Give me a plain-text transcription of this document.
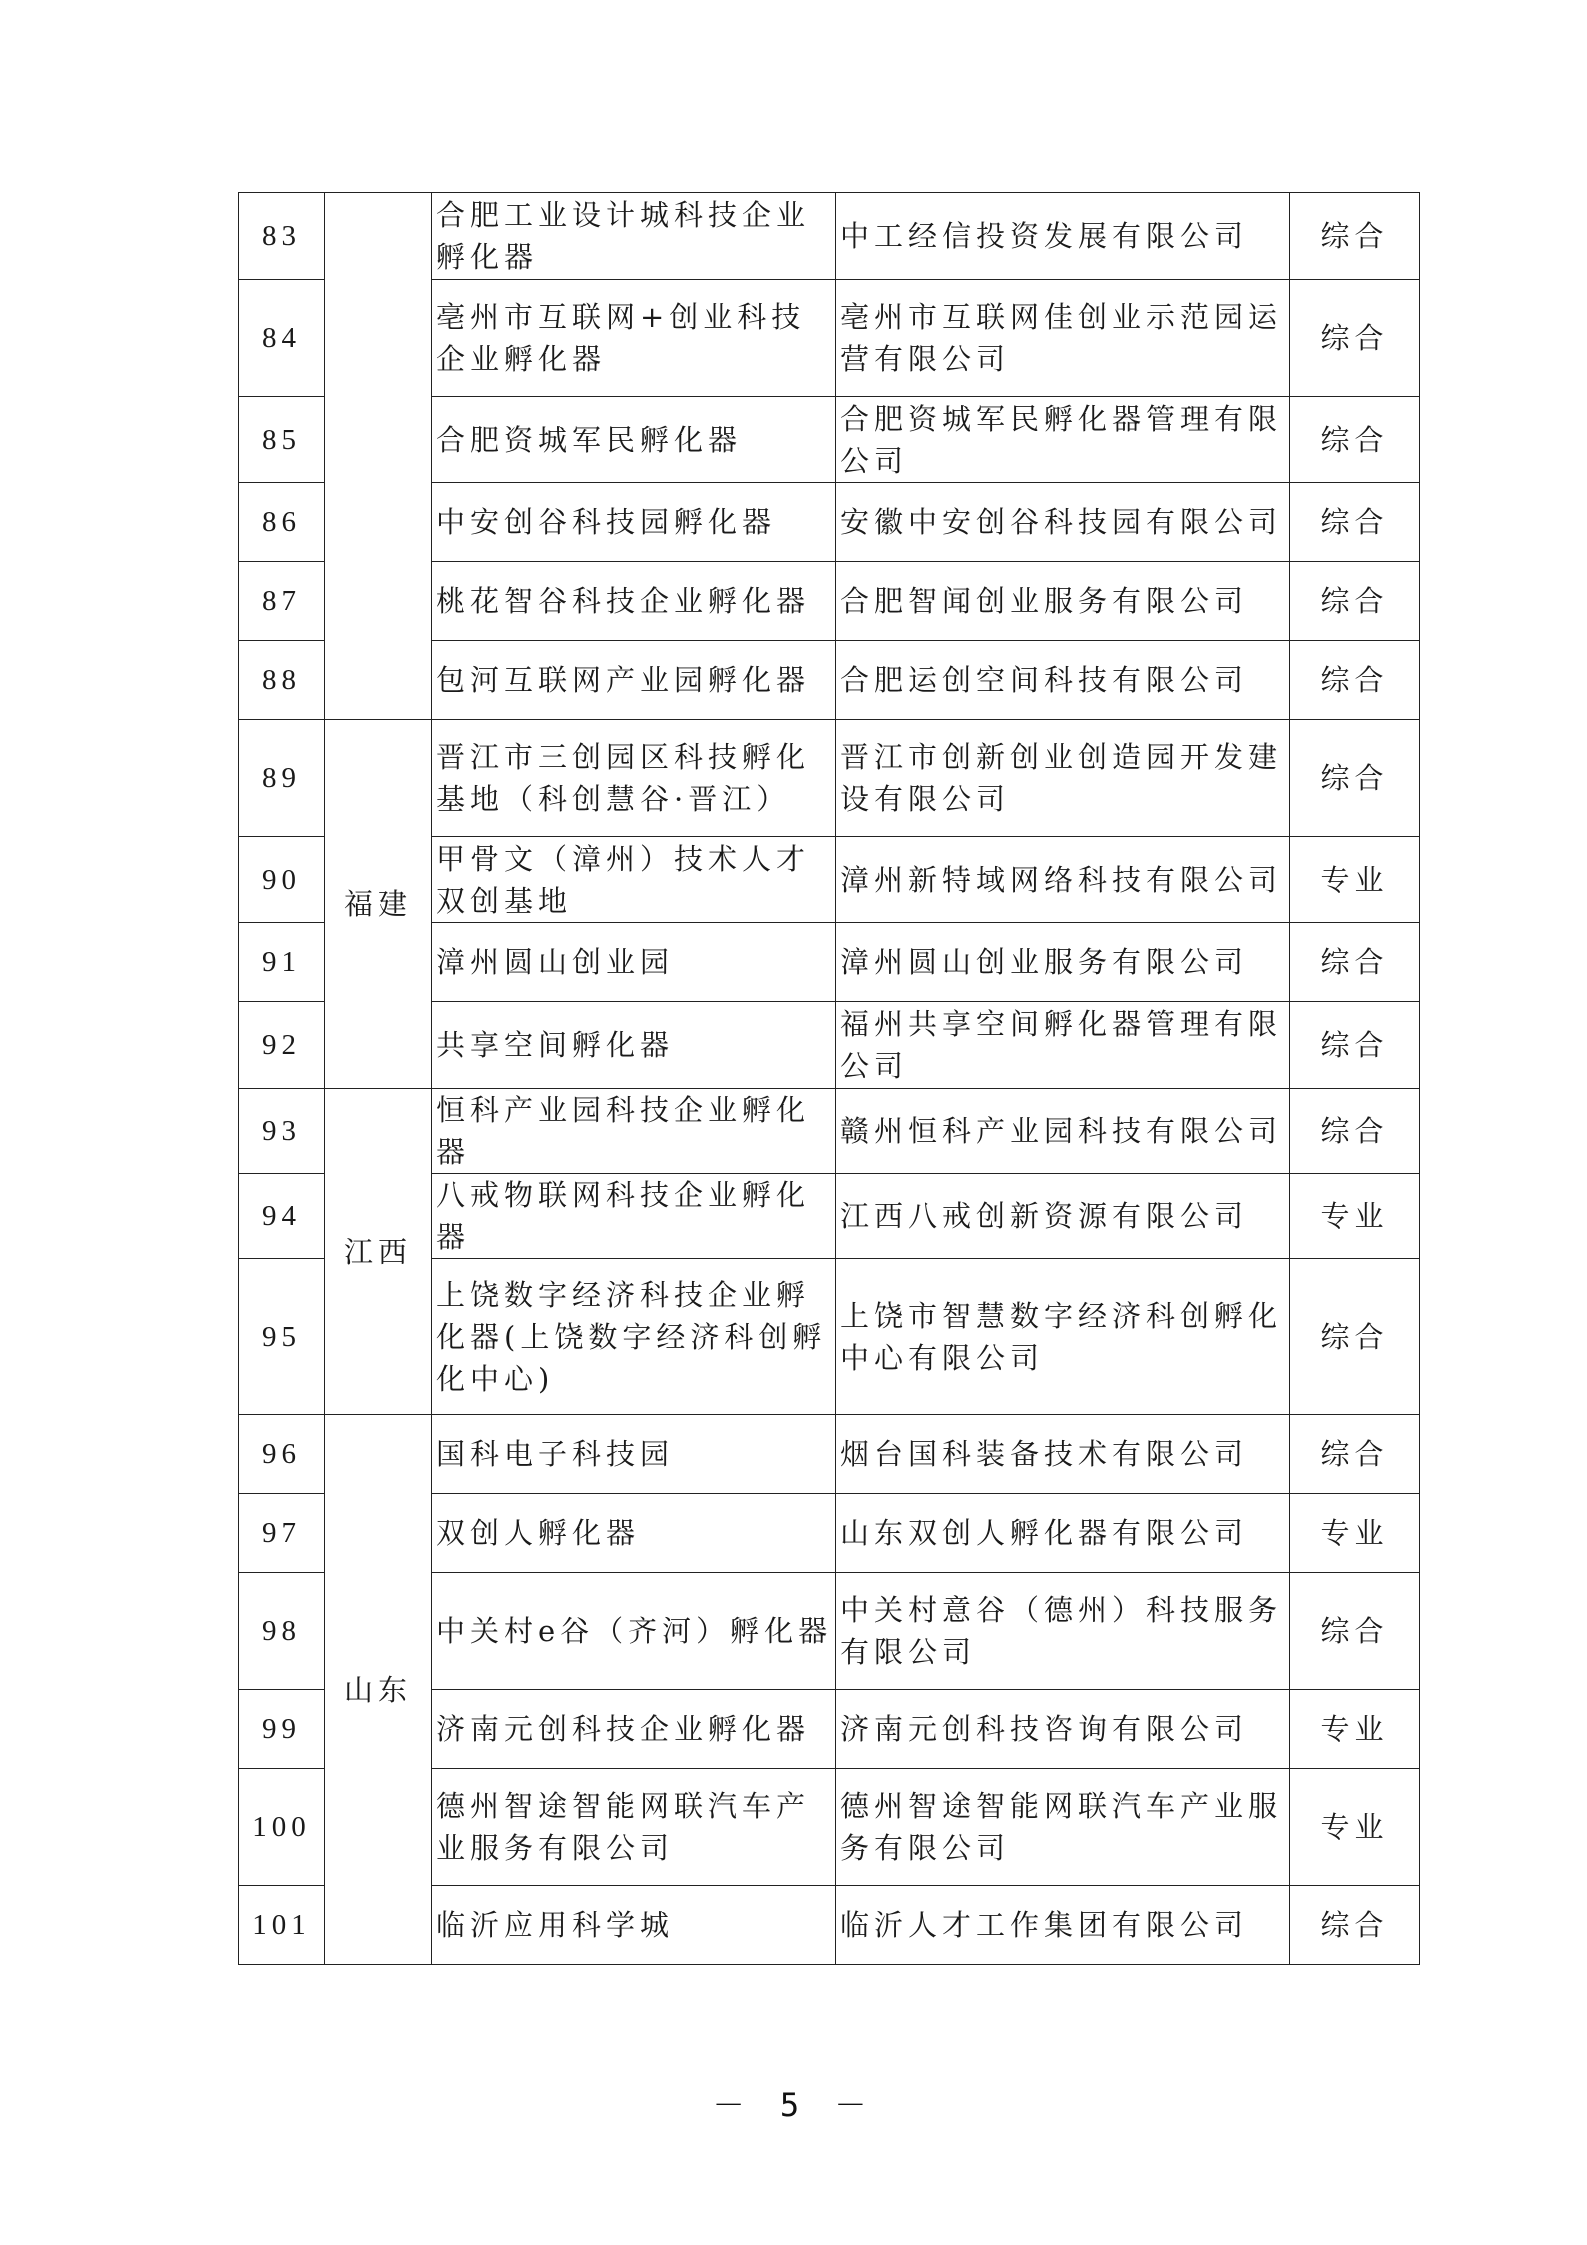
83		合肥工业设计城科技企业孵化器	中工经信投资发展有限公司	综合
84		亳州市互联网+创业科技企业孵化器	亳州市互联网佳创业示范园运营有限公司	综合
85		合肥资城军民孵化器	合肥资城军民孵化器管理有限公司	综合
86		中安创谷科技园孵化器	安徽中安创谷科技园有限公司	综合
87		桃花智谷科技企业孵化器	合肥智闻创业服务有限公司	综合
88		包河互联网产业园孵化器	合肥运创空间科技有限公司	综合
89	福建	晋江市三创园区科技孵化基地（科创慧谷·晋江）	晋江市创新创业创造园开发建设有限公司	综合
90		甲骨文（漳州）技术人才双创基地	漳州新特域网络科技有限公司	专业
91		漳州圆山创业园	漳州圆山创业服务有限公司	综合
92		共享空间孵化器	福州共享空间孵化器管理有限公司	综合
93	江西	恒科产业园科技企业孵化器	赣州恒科产业园科技有限公司	综合
94		八戒物联网科技企业孵化器	江西八戒创新资源有限公司	专业
95		上饶数字经济科技企业孵化器(上饶数字经济科创孵化中心)	上饶市智慧数字经济科创孵化中心有限公司	综合
96	山东	国科电子科技园	烟台国科装备技术有限公司	综合
97		双创人孵化器	山东双创人孵化器有限公司	专业
98		中关村e谷（齐河）孵化器	中关村意谷（德州）科技服务有限公司	综合
99		济南元创科技企业孵化器	济南元创科技咨询有限公司	专业
100		德州智途智能网联汽车产业服务有限公司	德州智途智能网联汽车产业服务有限公司	专业
101		临沂应用科学城	临沂人才工作集团有限公司	综合
－ 5 －
